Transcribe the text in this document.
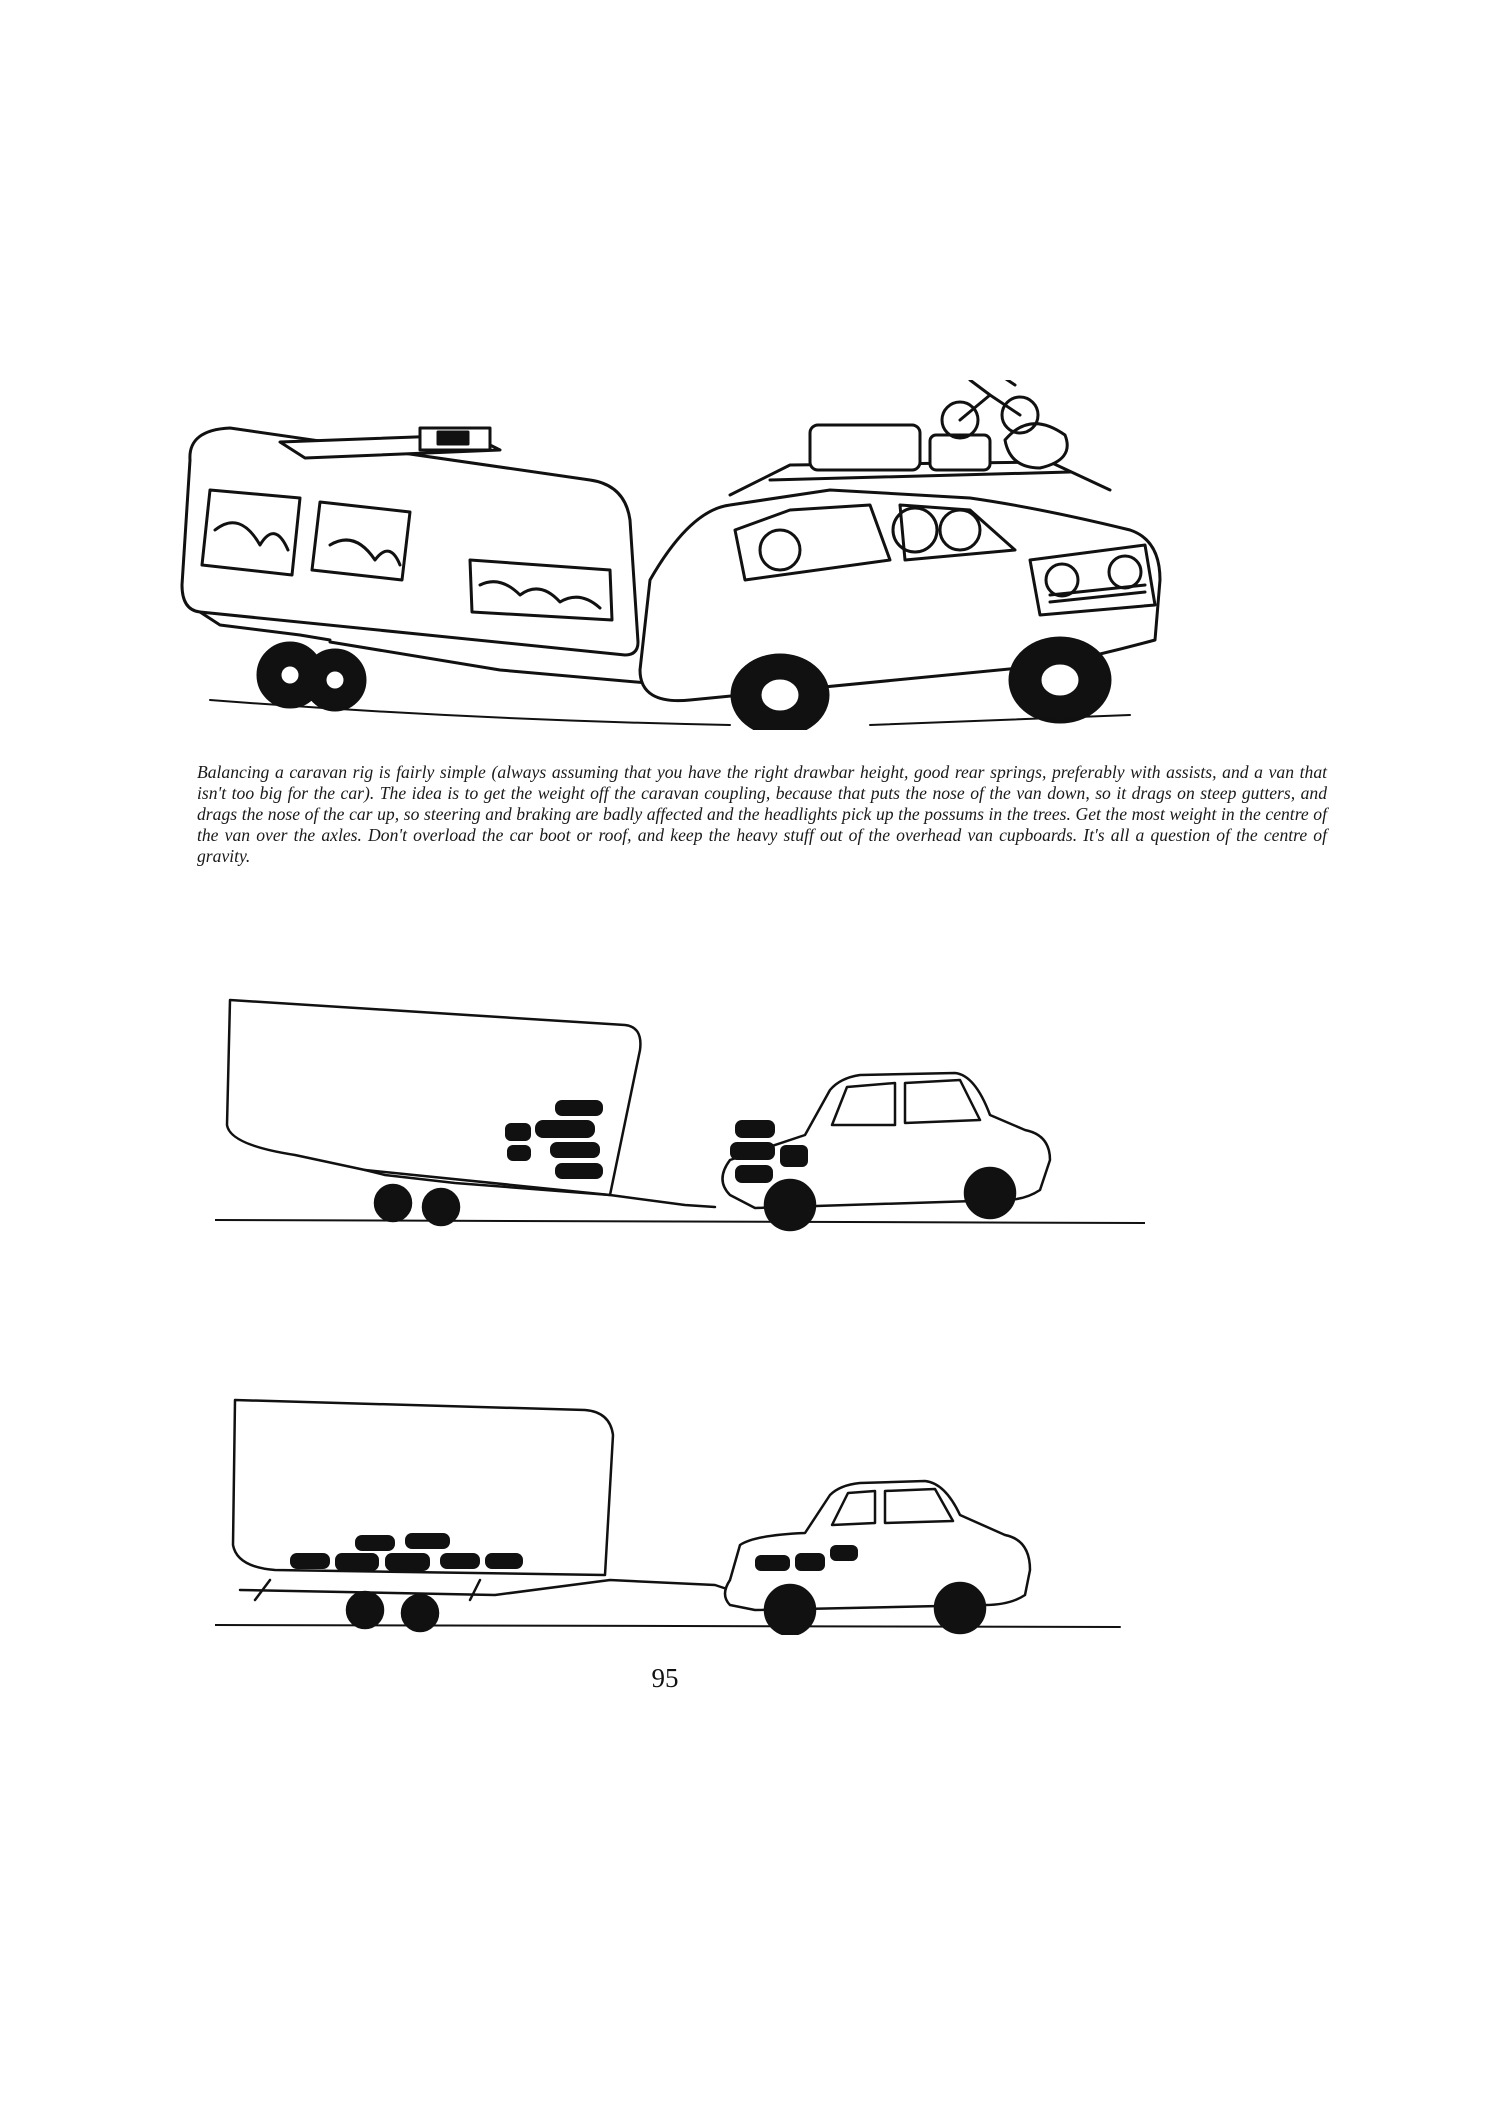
Balancing a caravan rig is fairly simple (always assuming that you have the right drawbar height, good rear springs, preferably with assists, and a van that isn't too big for the car). The idea is to get the weight off the caravan coupling, because that puts the nose of the van down, so it drags on steep gutters, and drags the nose of the car up, so steering and braking are badly affected and the headlights pick up the possums in the trees. Get the most weight in the centre of the van over the axles. Don't overload the car boot or roof, and keep the heavy stuff out of the overhead van cupboards. It's all a question of the centre of gravity.

95
